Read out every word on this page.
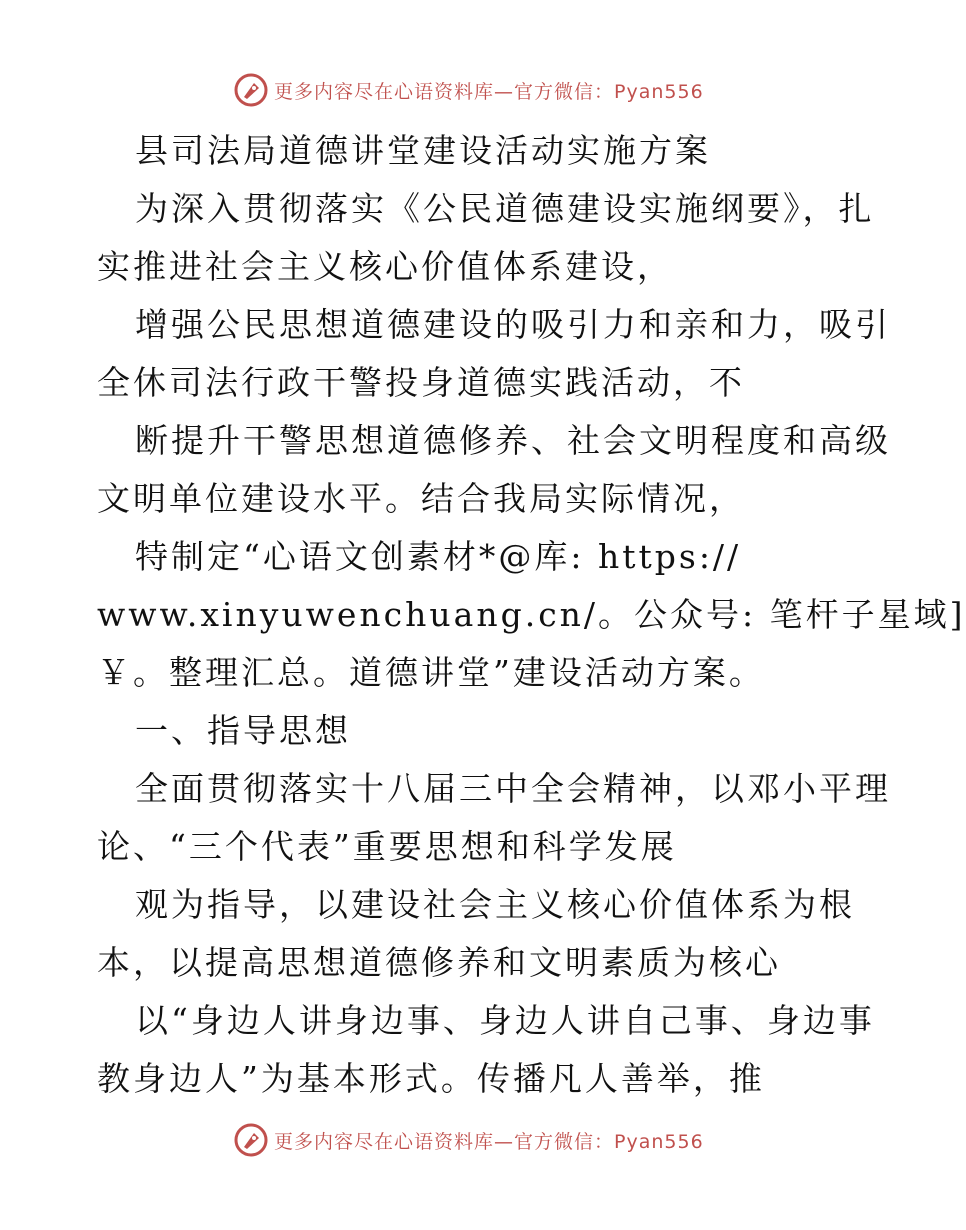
更多内容尽在心语资料库—官方微信：Pyan556
县司法局道德讲堂建设活动实施方案
为深入贯彻落实《公民道德建设实施纲要》，扎
实推进社会主义核心价值体系建设，
增强公民思想道德建设的吸引力和亲和力，吸引
全休司法行政干警投身道德实践活动，不
断提升干警思想道德修养、社会文明程度和高级
文明单位建设水平。结合我局实际情况，
特制定“心语文创素材*@库: https://
www.xinyuwenchuang.cn/。公众号: 笔杆子星域]
￥。整理汇总。道德讲堂”建设活动方案。
一、指导思想
全面贯彻落实十八届三中全会精神，以邓小平理
论、“三个代表”重要思想和科学发展
观为指导，以建设社会主义核心价值体系为根
本，以提高思想道德修养和文明素质为核心
以“身边人讲身边事、身边人讲自己事、身边事
教身边人”为基本形式。传播凡人善举，推
更多内容尽在心语资料库—官方微信：Pyan556
